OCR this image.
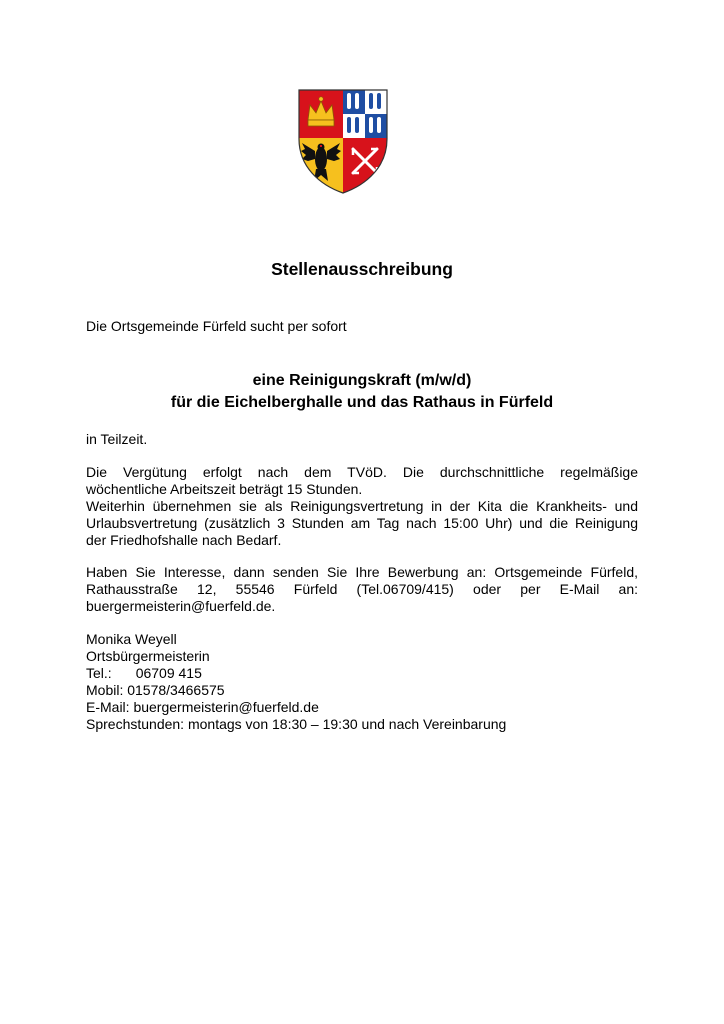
Stellenausschreibung
Die Ortsgemeinde Fürfeld sucht per sofort
eine Reinigungskraft (m/w/d)
für die Eichelberghalle und das Rathaus in Fürfeld
in Teilzeit.
Die Vergütung erfolgt nach dem TVöD. Die durchschnittliche regelmäßige
wöchentliche Arbeitszeit beträgt 15 Stunden.
Weiterhin übernehmen sie als Reinigungsvertretung in der Kita die Krankheits- und
Urlaubsvertretung (zusätzlich 3 Stunden am Tag nach 15:00 Uhr) und die Reinigung
der Friedhofshalle nach Bedarf.
Haben Sie Interesse, dann senden Sie Ihre Bewerbung an: Ortsgemeinde Fürfeld,
Rathausstraße 12, 55546 Fürfeld (Tel.06709/415) oder per E-Mail an:
buergermeisterin@fuerfeld.de.
Monika Weyell
Ortsbürgermeisterin
Tel.: 06709 415
Mobil: 01578/3466575
E-Mail: buergermeisterin@fuerfeld.de
Sprechstunden: montags von 18:30 – 19:30 und nach Vereinbarung
